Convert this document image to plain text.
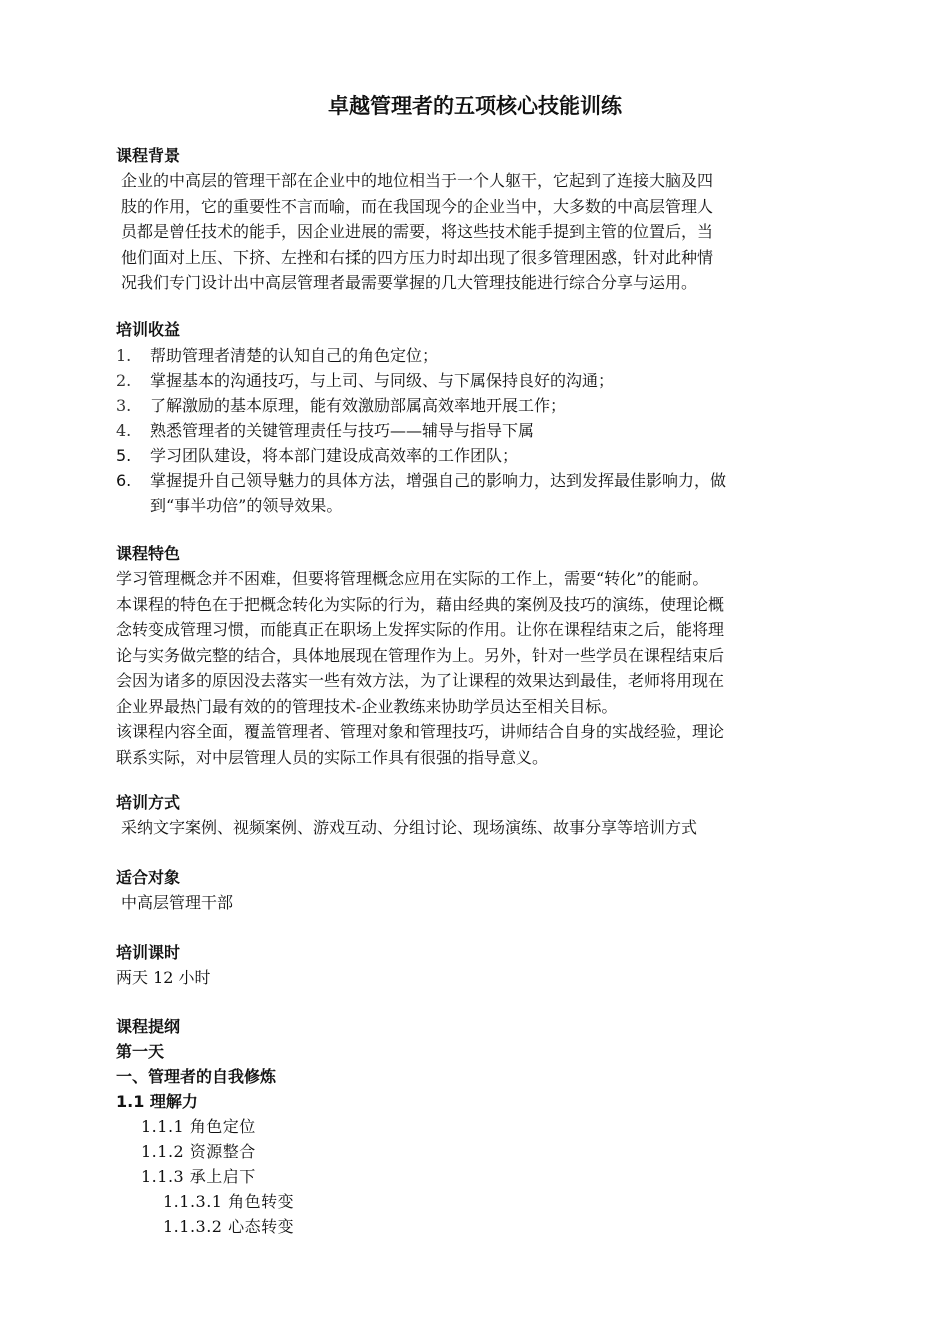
卓越管理者的五项核心技能训练
课程背景
企业的中高层的管理干部在企业中的地位相当于一个人躯干，它起到了连接大脑及四
肢的作用，它的重要性不言而喻，而在我国现今的企业当中，大多数的中高层管理人
员都是曾任技术的能手，因企业进展的需要，将这些技术能手提到主管的位置后，当
他们面对上压、下挤、左挫和右揉的四方压力时却出现了很多管理困惑，针对此种情
况我们专门设计出中高层管理者最需要掌握的几大管理技能进行综合分享与运用。
培训收益
1. 帮助管理者清楚的认知自己的角色定位；
2. 掌握基本的沟通技巧，与上司、与同级、与下属保持良好的沟通；
3. 了解激励的基本原理，能有效激励部属高效率地开展工作；
4. 熟悉管理者的关键管理责任与技巧——辅导与指导下属
5. 学习团队建设，将本部门建设成高效率的工作团队；
6. 掌握提升自己领导魅力的具体方法，增强自己的影响力，达到发挥最佳影响力，做
到“事半功倍”的领导效果。
课程特色
学习管理概念并不困难，但要将管理概念应用在实际的工作上，需要“转化”的能耐。
本课程的特色在于把概念转化为实际的行为，藉由经典的案例及技巧的演练，使理论概
念转变成管理习惯，而能真正在职场上发挥实际的作用。让你在课程结束之后，能将理
论与实务做完整的结合，具体地展现在管理作为上。另外，针对一些学员在课程结束后
会因为诸多的原因没去落实一些有效方法，为了让课程的效果达到最佳，老师将用现在
企业界最热门最有效的的管理技术-企业教练来协助学员达至相关目标。
该课程内容全面，覆盖管理者、管理对象和管理技巧，讲师结合自身的实战经验，理论
联系实际，对中层管理人员的实际工作具有很强的指导意义。
培训方式
采纳文字案例、视频案例、游戏互动、分组讨论、现场演练、故事分享等培训方式
适合对象
中高层管理干部
培训课时
两天 12 小时
课程提纲
第一天
一、管理者的自我修炼
1.1 理解力
1.1.1 角色定位
1.1.2 资源整合
1.1.3 承上启下
1.1.3.1 角色转变
1.1.3.2 心态转变
